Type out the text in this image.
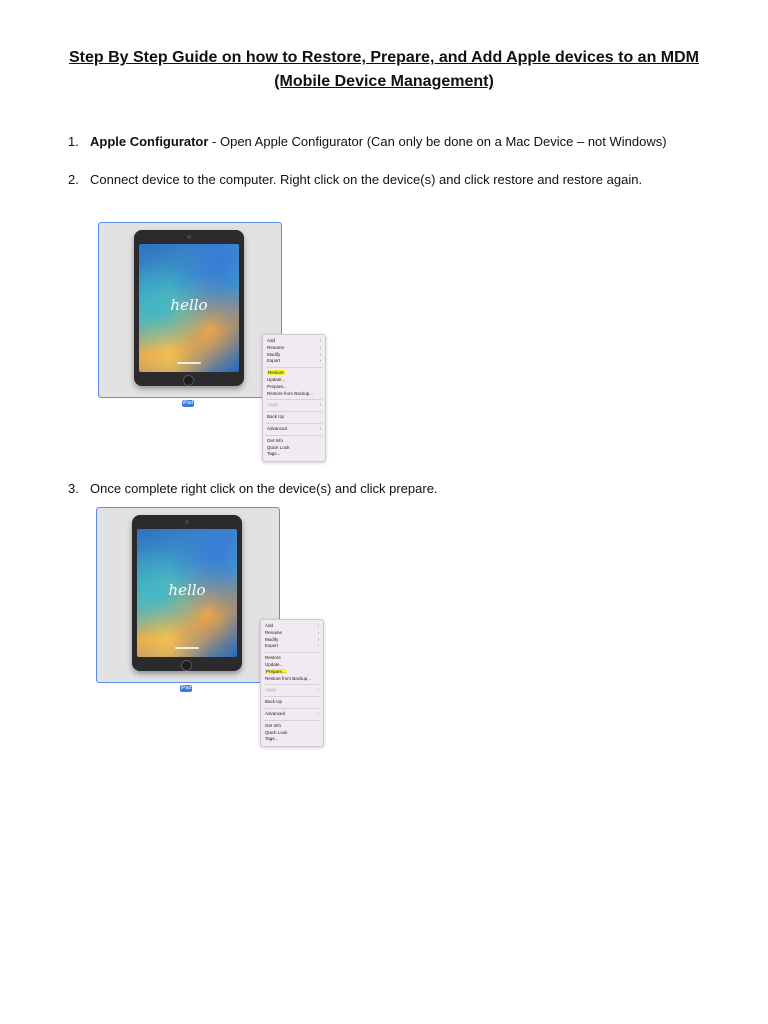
Step By Step Guide on how to Restore, Prepare, and Add Apple devices to an MDM (Mobile Device Management)
1. Apple Configurator - Open Apple Configurator (Can only be done on a Mac Device – not Windows)
2. Connect device to the computer. Right click on the device(s) and click restore and restore again.
hello
iPad
Add	›
Rename	›
Modify	›
Export	›
Restore
Update...
Prepare...
Restore from Backup...
Apply	›
Back Up
Advanced	›
Get Info
Quick Look
Tags...
3. Once complete right click on the device(s) and click prepare.
hello
iPad
Add	›
Rename	›
Modify	›
Export	›
Restore
Update...
Prepare...
Restore from Backup...
Apply	›
Back Up
Advanced	›
Get Info
Quick Look
Tags...
